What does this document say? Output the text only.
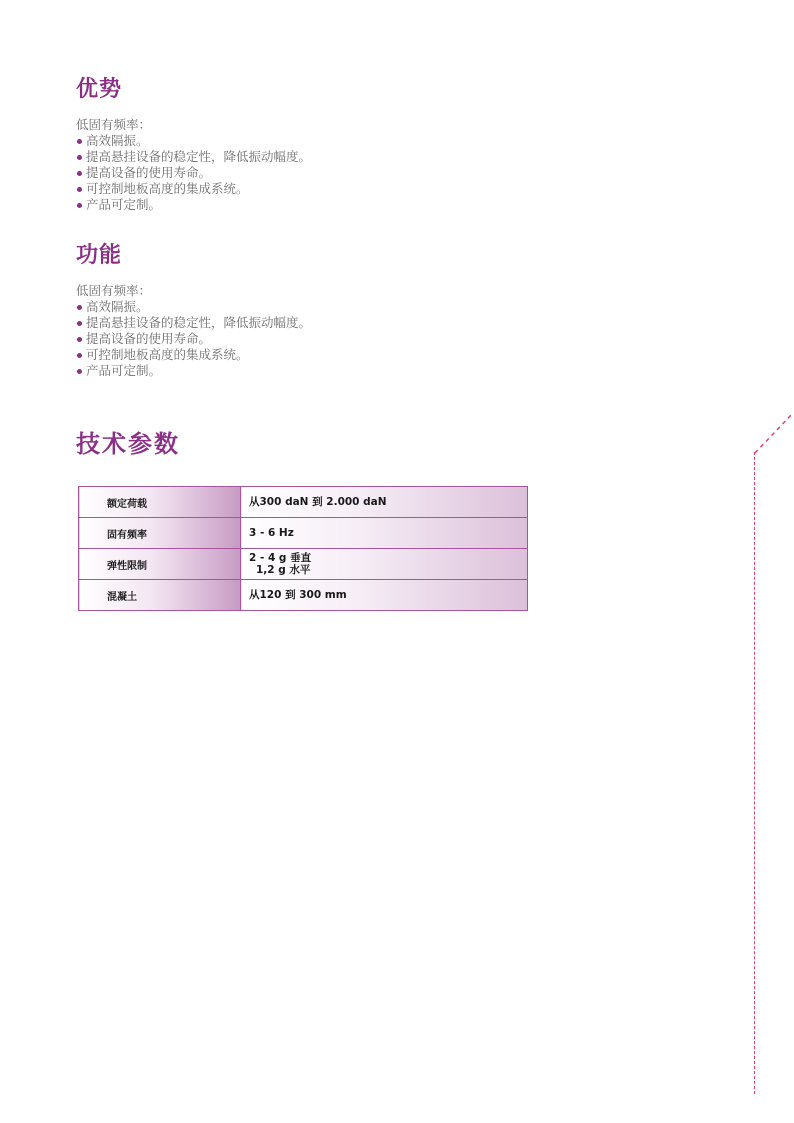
优势
低固有频率：
高效隔振。
提高悬挂设备的稳定性，降低振动幅度。
提高设备的使用寿命。
可控制地板高度的集成系统。
产品可定制。
功能
低固有频率：
高效隔振。
提高悬挂设备的稳定性，降低振动幅度。
提高设备的使用寿命。
可控制地板高度的集成系统。
产品可定制。
技术参数
额定荷载	从300 daN 到 2.000 daN

固有频率	3 - 6 Hz

弹性限制	2 - 4 g 垂直
1,2 g 水平

混凝土	从120 到 300 mm
